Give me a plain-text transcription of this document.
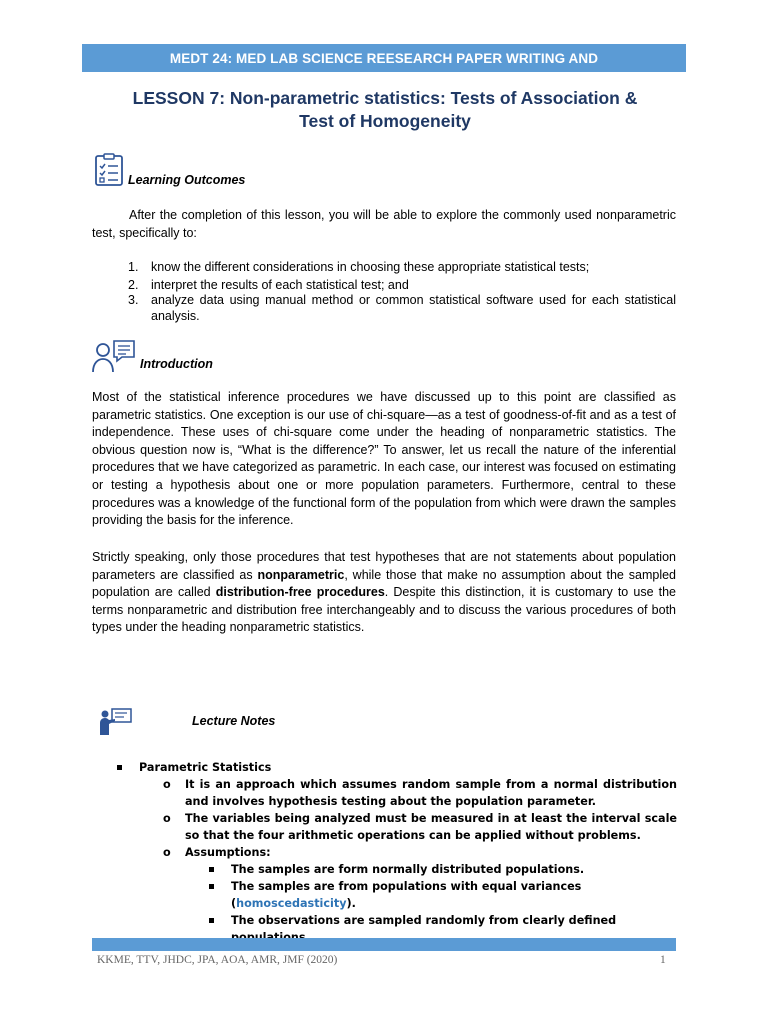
MEDT 24: MED LAB SCIENCE REESEARCH PAPER WRITING AND
LESSON 7: Non-parametric statistics: Tests of Association &
Test of Homogeneity
Learning Outcomes
After the completion of this lesson, you will be able to explore the commonly used nonparametric test, specifically to:
1. know the different considerations in choosing these appropriate statistical tests;
2. interpret the results of each statistical test; and
3. analyze data using manual method or common statistical software used for each statistical analysis.
Introduction
Most of the statistical inference procedures we have discussed up to this point are classified as parametric statistics. One exception is our use of chi-square—as a test of goodness-of-fit and as a test of independence. These uses of chi-square come under the heading of nonparametric statistics. The obvious question now is, “What is the difference?” To answer, let us recall the nature of the inferential procedures that we have categorized as parametric. In each case, our interest was focused on estimating or testing a hypothesis about one or more population parameters. Furthermore, central to these procedures was a knowledge of the functional form of the population from which were drawn the samples providing the basis for the inference.
Strictly speaking, only those procedures that test hypotheses that are not statements about population parameters are classified as nonparametric, while those that make no assumption about the sampled population are called distribution-free procedures. Despite this distinction, it is customary to use the terms nonparametric and distribution free interchangeably and to discuss the various procedures of both types under the heading nonparametric statistics.
Lecture Notes
Parametric Statistics
o It is an approach which assumes random sample from a normal distribution and involves hypothesis testing about the population parameter.
o The variables being analyzed must be measured in at least the interval scale so that the four arithmetic operations can be applied without problems.
o Assumptions:
The samples are form normally distributed populations.
The samples are from populations with equal variances (homoscedasticity).
The observations are sampled randomly from clearly defined
KKME, TTV, JHDC, JPA, AOA, AMR, JMF (2020)	1
